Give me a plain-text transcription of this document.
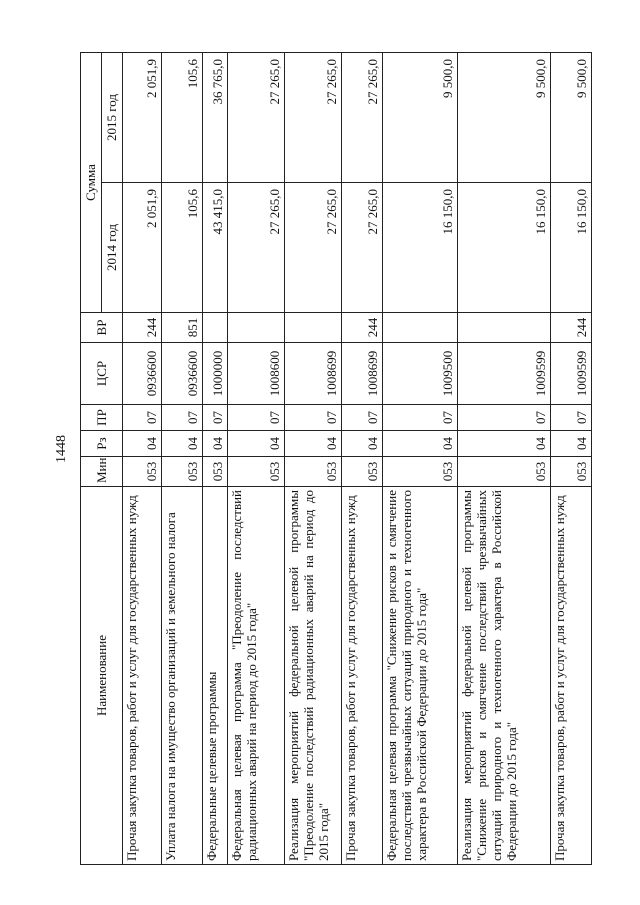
1448
Наименование	Мин	Рз	ПР	ЦСР	ВР	Сумма	
						2014 год	2015 год
Прочая закупка товаров, работ и услуг для государственных нужд	053	04	07	0936600	244	2 051,9	2 051,9
Уплата налога на имущество организаций и земельного налога	053	04	07	0936600	851	105,6	105,6
Федеральные целевые программы	053	04	07	1000000		43 415,0	36 765,0
Федеральная целевая программа "Преодоление последствий радиационных аварий на период до 2015 года"	053	04	07	1008600		27 265,0	27 265,0
Реализация мероприятий федеральной целевой программы "Преодоление последствий радиационных аварий на период до 2015 года"	053	04	07	1008699		27 265,0	27 265,0
Прочая закупка товаров, работ и услуг для государственных нужд	053	04	07	1008699	244	27 265,0	27 265,0
Федеральная целевая программа "Снижение рисков и смягчение последствий чрезвычайных ситуаций природного и техногенного характера в Российской Федерации до 2015 года"	053	04	07	1009500		16 150,0	9 500,0
Реализация мероприятий федеральной целевой программы "Снижение рисков и смягчение последствий чрезвычайных ситуаций природного и техногенного характера в Российской Федерации до 2015 года"	053	04	07	1009599		16 150,0	9 500,0
Прочая закупка товаров, работ и услуг для государственных нужд	053	04	07	1009599	244	16 150,0	9 500,0
